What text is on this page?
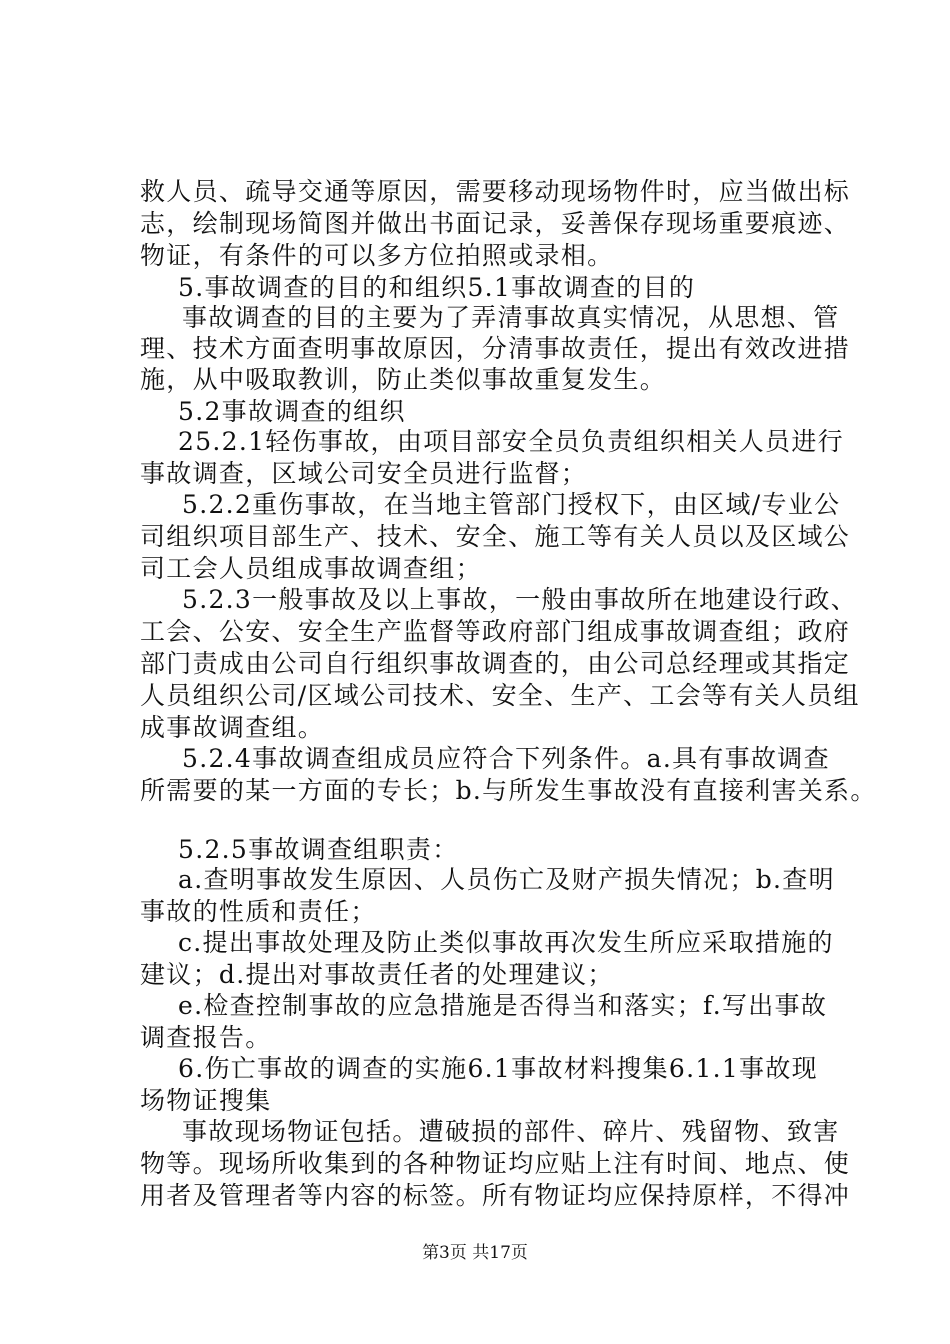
救人员、疏导交通等原因，需要移动现场物件时，应当做出标
志，绘制现场简图并做出书面记录，妥善保存现场重要痕迹、
物证，有条件的可以多方位拍照或录相。
5.事故调查的目的和组织5.1事故调查的目的
事故调查的目的主要为了弄清事故真实情况，从思想、管
理、技术方面查明事故原因，分清事故责任，提出有效改进措
施，从中吸取教训，防止类似事故重复发生。
5.2事故调查的组织
25.2.1轻伤事故，由项目部安全员负责组织相关人员进行
事故调查，区域公司安全员进行监督；
5.2.2重伤事故，在当地主管部门授权下，由区域/专业公
司组织项目部生产、技术、安全、施工等有关人员以及区域公
司工会人员组成事故调查组；
5.2.3一般事故及以上事故，一般由事故所在地建设行政、
工会、公安、安全生产监督等政府部门组成事故调查组；政府
部门责成由公司自行组织事故调查的，由公司总经理或其指定
人员组织公司/区域公司技术、安全、生产、工会等有关人员组
成事故调查组。
5.2.4事故调查组成员应符合下列条件。a.具有事故调查
所需要的某一方面的专长；b.与所发生事故没有直接利害关系。
5.2.5事故调查组职责：
a.查明事故发生原因、人员伤亡及财产损失情况；b.查明
事故的性质和责任；
c.提出事故处理及防止类似事故再次发生所应采取措施的
建议；d.提出对事故责任者的处理建议；
e.检查控制事故的应急措施是否得当和落实；f.写出事故
调查报告。
6.伤亡事故的调查的实施6.1事故材料搜集6.1.1事故现
场物证搜集
事故现场物证包括。遭破损的部件、碎片、残留物、致害
物等。现场所收集到的各种物证均应贴上注有时间、地点、使
用者及管理者等内容的标签。所有物证均应保持原样，不得冲
第3页 共17页
